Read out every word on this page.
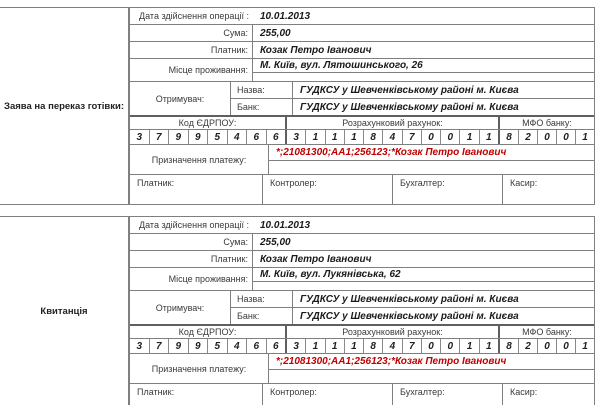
Заява на переказ готівки:
Дата здійснення операції :	10.01.2013
Сума:	255,00
Платник:	Козак Петро Іванович
Місце проживання:	М. Київ, вул. Лятошинського, 26
Отримувач:
Назва:	ГУДКСУ у Шевченківському районі м. Києва
Банк:	ГУДКСУ у Шевченківському районі м. Києва
Код ЄДРПОУ:	Розрахунковий рахунок:	МФО банку:
3	7	9	9	5	4	6	6	3	1	1	1	8	4	7	0	0	1	1	8	2	0	0	1
Призначення платежу:
*;21081300;АА1;256123;*Козак Петро Іванович
Платник:	Контролер:	Бухгалтер:	Касир:
Квитанція
Дата здійснення операції :	10.01.2013
Сума:	255,00
Платник:	Козак Петро Іванович
Місце проживання:	М. Київ, вул. Лукянівська, 62
Отримувач:
Назва:	ГУДКСУ у Шевченківському районі м. Києва
Банк:	ГУДКСУ у Шевченківському районі м. Києва
Код ЄДРПОУ:	Розрахунковий рахунок:	МФО банку:
3	7	9	9	5	4	6	6	3	1	1	1	8	4	7	0	0	1	1	8	2	0	0	1
Призначення платежу:
*;21081300;АА1;256123;*Козак Петро Іванович
Платник:	Контролер:	Бухгалтер:	Касир:
